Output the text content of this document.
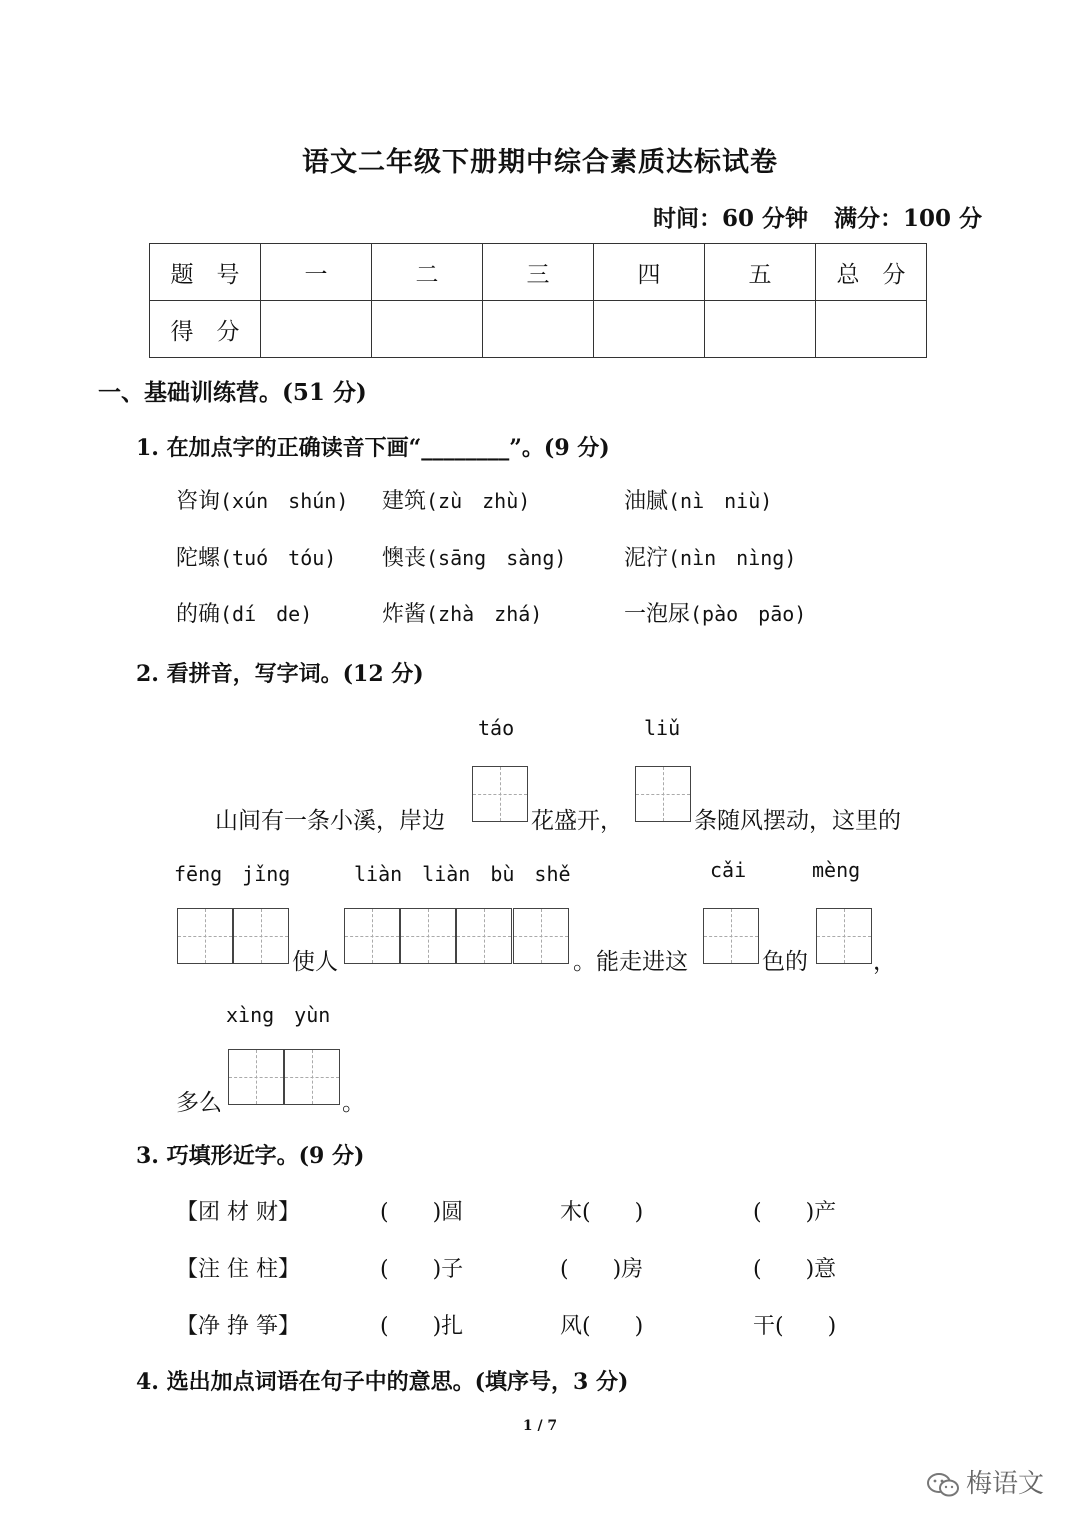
语文二年级下册期中综合素质达标试卷
时间：60 分钟 满分：100 分
题　号	一	二	三	四	五	总　分
得　分						
一、基础训练营。(51 分)
1. 在加点字的正确读音下画“________”。(9 分)
咨询(xún　shún) 建筑(zù　zhù)	油腻(nì　niù)
陀螺(tuó　tóu) 懊丧(sāng　sàng)	泥泞(nìn　nìng)
的确(dí　de)	炸酱(zhà　zhá)	一泡尿(pào　pāo)
2. 看拼音，写字词。(12 分)
táo	liǔ
山间有一条小溪，岸边	花盛开，	条随风摆动，这里的
fēng　jǐng	liàn　liàn　bù　shě	cǎi	mèng
使人	。能走进这	色的	，
xìng　yùn
多么	。
3. 巧填形近字。(9 分)
【团 材 财】	(　　)圆	木(　　)	(　　)产
【注 住 柱】	(　　)子	(　　)房	(　　)意
【净 挣 筝】	(　　)扎	风(　　)	干(　　)
4. 选出加点词语在句子中的意思。(填序号，3 分)
1 / 7
梅语文
